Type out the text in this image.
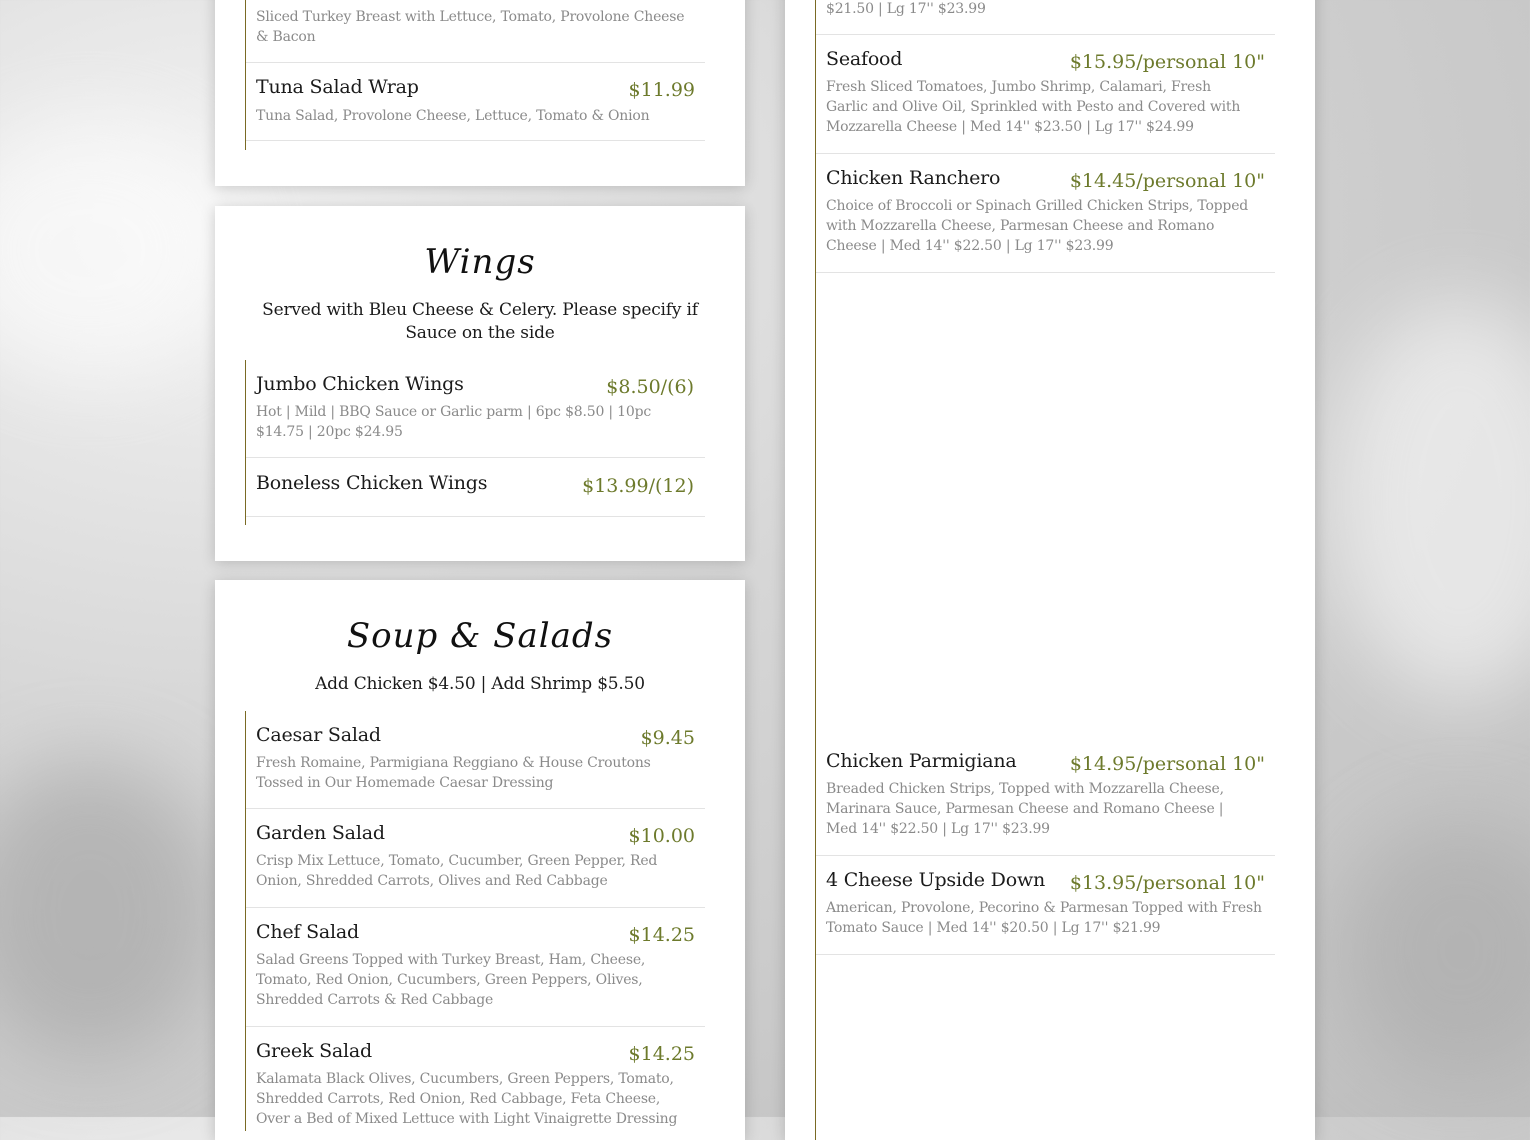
Sliced Turkey Breast with Lettuce, Tomato, Provolone Cheese & Bacon
Tuna Salad Wrap	$11.99
Tuna Salad, Provolone Cheese, Lettuce, Tomato & Onion
Wings
Served with Bleu Cheese & Celery. Please specify if Sauce on the side
Jumbo Chicken Wings	$8.50/(6)
Hot | Mild | BBQ Sauce or Garlic parm | 6pc $8.50 | 10pc $14.75 | 20pc $24.95
Boneless Chicken Wings	$13.99/(12)
Soup & Salads
Add Chicken $4.50 | Add Shrimp $5.50
Caesar Salad	$9.45
Fresh Romaine, Parmigiana Reggiano & House Croutons Tossed in Our Homemade Caesar Dressing
Garden Salad	$10.00
Crisp Mix Lettuce, Tomato, Cucumber, Green Pepper, Red Onion, Shredded Carrots, Olives and Red Cabbage
Chef Salad	$14.25
Salad Greens Topped with Turkey Breast, Ham, Cheese, Tomato, Red Onion, Cucumbers, Green Peppers, Olives, Shredded Carrots & Red Cabbage
Greek Salad	$14.25
Kalamata Black Olives, Cucumbers, Green Peppers, Tomato, Shredded Carrots, Red Onion, Red Cabbage, Feta Cheese, Over a Bed of Mixed Lettuce with Light Vinaigrette Dressing
$21.50 | Lg 17'' $23.99
Seafood	$15.95/personal 10"
Fresh Sliced Tomatoes, Jumbo Shrimp, Calamari, Fresh Garlic and Olive Oil, Sprinkled with Pesto and Covered with Mozzarella Cheese | Med 14'' $23.50 | Lg 17'' $24.99
Chicken Ranchero	$14.45/personal 10"
Choice of Broccoli or Spinach Grilled Chicken Strips, Topped with Mozzarella Cheese, Parmesan Cheese and Romano Cheese | Med 14'' $22.50 | Lg 17'' $23.99
Chicken Parmigiana	$14.95/personal 10"
Breaded Chicken Strips, Topped with Mozzarella Cheese, Marinara Sauce, Parmesan Cheese and Romano Cheese | Med 14'' $22.50 | Lg 17'' $23.99
4 Cheese Upside Down $13.95/personal 10"
American, Provolone, Pecorino & Parmesan Topped with Fresh Tomato Sauce | Med 14'' $20.50 | Lg 17'' $21.99
